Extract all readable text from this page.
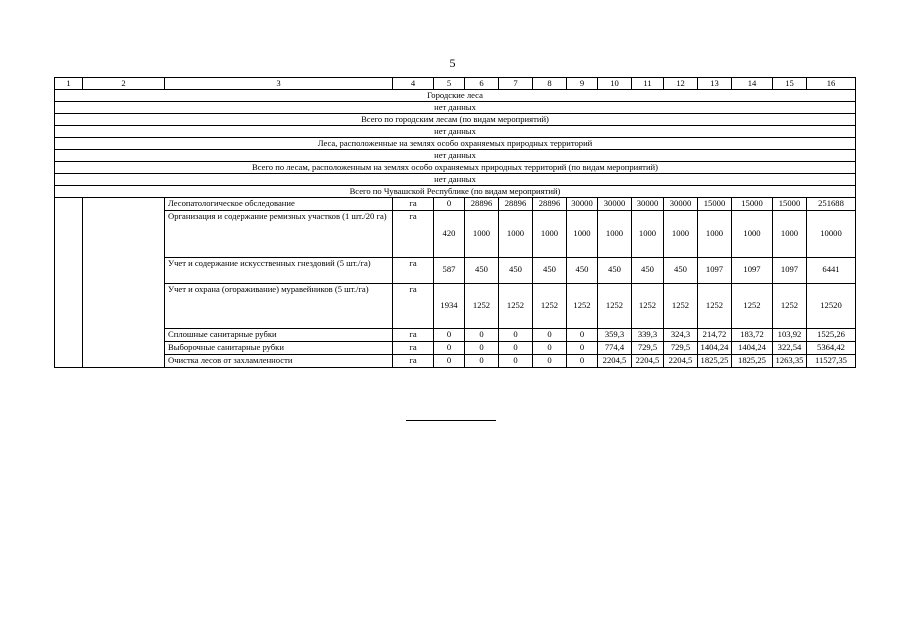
5
1	2	3	4	5	6	7	8	9	10	11	12	13	14	15	16
Городские леса															
нет данных															
Всего по городским лесам (по видам мероприятий)															
нет данных															
Леса, расположенные на землях особо охраняемых природных территорий															
нет данных															
Всего по лесам, расположенным на землях особо охраняемых природных территорий (по видам мероприятий)															
нет данных															
Всего по Чувашской Республике (по видам мероприятий)															
		Лесопатологическое обследование	га	0	28896	28896	28896	30000	30000	30000	30000	15000	15000	15000	251688
		Организация и содержание ремизных участков (1 шт./20 га)	га	420	1000	1000	1000	1000	1000	1000	1000	1000	1000	1000	10000
		Учет и содержание искусственных гнездовий (5 шт./га)	га	587	450	450	450	450	450	450	450	1097	1097	1097	6441
		Учет и охрана (огораживание) муравейников (5 шт./га)	га	1934	1252	1252	1252	1252	1252	1252	1252	1252	1252	1252	12520
		Сплошные санитарные рубки	га	0	0	0	0	0	359,3	339,3	324,3	214,72	183,72	103,92	1525,26
		Выборочные санитарные рубки	га	0	0	0	0	0	774,4	729,5	729,5	1404,24	1404,24	322,54	5364,42
		Очистка лесов от захламленности	га	0	0	0	0	0	2204,5	2204,5	2204,5	1825,25	1825,25	1263,35	11527,35
